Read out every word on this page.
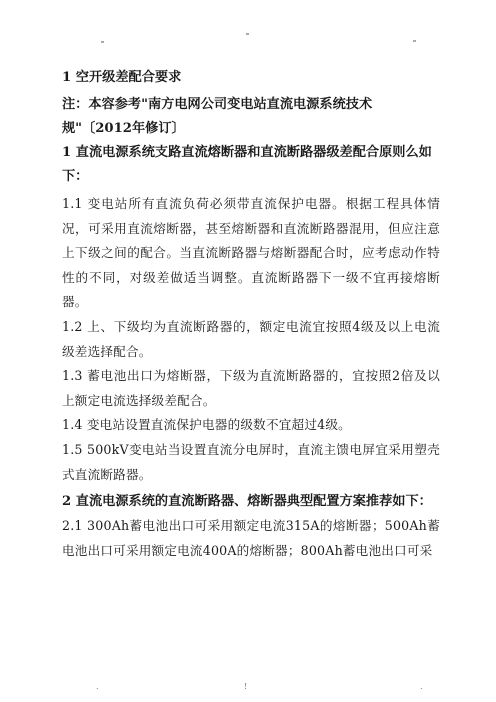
1 空开级差配合要求

注：本容参考"南方电网公司变电站直流电源系统技术规"〔2012年修订〕

1 直流电源系统支路直流熔断器和直流断路器级差配合原则么如下：

1.1 变电站所有直流负荷必须带直流保护电器。根据工程具体情况，可采用直流熔断器，甚至熔断器和直流断路器混用，但应注意上下级之间的配合。当直流断路器与熔断器配合时，应考虑动作特性的不同，对级差做适当调整。直流断路器下一级不宜再接熔断器。

1.2 上、下级均为直流断路器的，额定电流宜按照4级及以上电流级差选择配合。

1.3 蓄电池出口为熔断器，下级为直流断路器的，宜按照2倍及以上额定电流选择级差配合。

1.4 变电站设置直流保护电器的级数不宜超过4级。

1.5 500kV变电站当设置直流分电屏时，直流主馈电屏宜采用塑壳式直流断路器。

2 直流电源系统的直流断路器、熔断器典型配置方案推荐如下：

2.1 300Ah蓄电池出口可采用额定电流315A的熔断器；500Ah蓄电池出口可采用额定电流400A的熔断器；800Ah蓄电池出口可采

.	!	.
